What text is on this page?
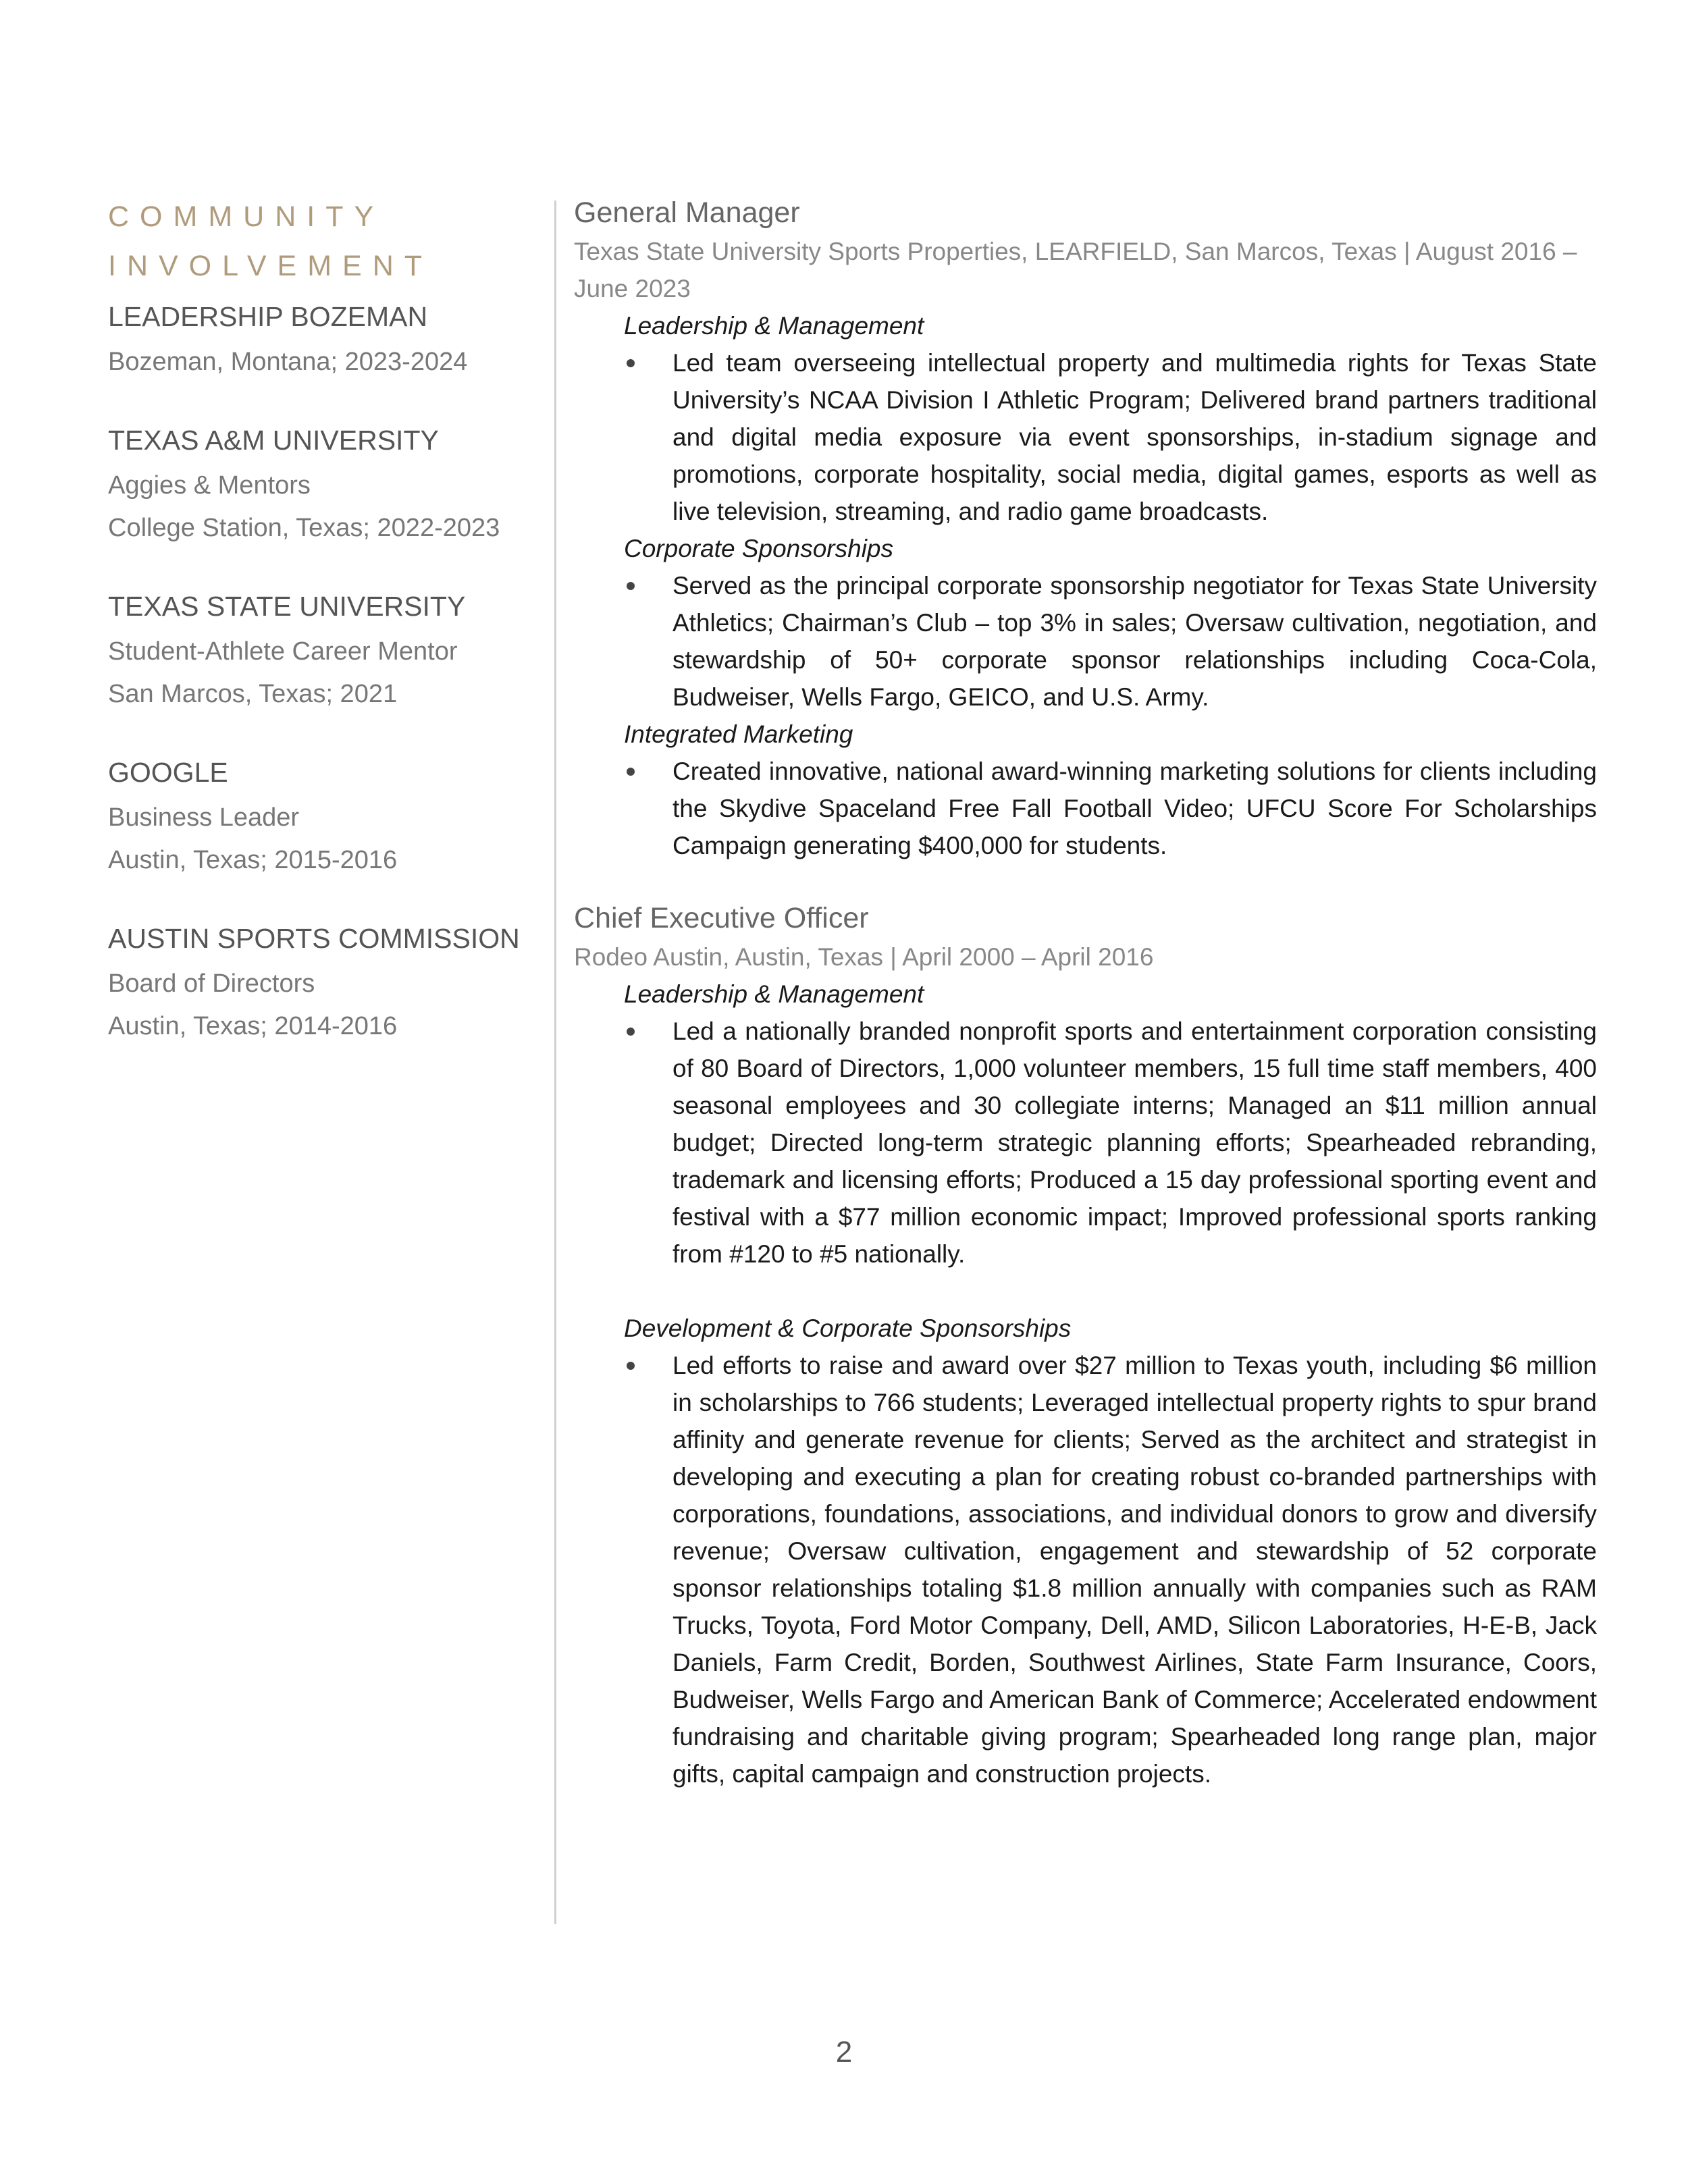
COMMUNITY
INVOLVEMENT
LEADERSHIP BOZEMAN
Bozeman, Montana; 2023-2024
TEXAS A&M UNIVERSITY
Aggies & Mentors
College Station, Texas; 2022-2023
TEXAS STATE UNIVERSITY
Student-Athlete Career Mentor
San Marcos, Texas; 2021
GOOGLE
Business Leader
Austin, Texas; 2015-2016
AUSTIN SPORTS COMMISSION
Board of Directors
Austin, Texas; 2014-2016
General Manager
Texas State University Sports Properties, LEARFIELD, San Marcos, Texas | August 2016 – June 2023
Leadership & Management
Led team overseeing intellectual property and multimedia rights for Texas State University’s NCAA Division I Athletic Program; Delivered brand partners traditional and digital media exposure via event sponsorships, in-stadium signage and promotions, corporate hospitality, social media, digital games, esports as well as live television, streaming, and radio game broadcasts.
Corporate Sponsorships
Served as the principal corporate sponsorship negotiator for Texas State University Athletics; Chairman’s Club – top 3% in sales; Oversaw cultivation, negotiation, and stewardship of 50+ corporate sponsor relationships including Coca-Cola, Budweiser, Wells Fargo, GEICO, and U.S. Army.
Integrated Marketing
Created innovative, national award-winning marketing solutions for clients including the Skydive Spaceland Free Fall Football Video; UFCU Score For Scholarships Campaign generating $400,000 for students.
Chief Executive Officer
Rodeo Austin, Austin, Texas | April 2000 – April 2016
Leadership & Management
Led a nationally branded nonprofit sports and entertainment corporation consisting of 80 Board of Directors, 1,000 volunteer members, 15 full time staff members, 400 seasonal employees and 30 collegiate interns; Managed an $11 million annual budget; Directed long-term strategic planning efforts; Spearheaded rebranding, trademark and licensing efforts; Produced a 15 day professional sporting event and festival with a $77 million economic impact; Improved professional sports ranking from #120 to #5 nationally.
Development & Corporate Sponsorships
Led efforts to raise and award over $27 million to Texas youth, including $6 million in scholarships to 766 students; Leveraged intellectual property rights to spur brand affinity and generate revenue for clients; Served as the architect and strategist in developing and executing a plan for creating robust co-branded partnerships with corporations, foundations, associations, and individual donors to grow and diversify revenue; Oversaw cultivation, engagement and stewardship of 52 corporate sponsor relationships totaling $1.8 million annually with companies such as RAM Trucks, Toyota, Ford Motor Company, Dell, AMD, Silicon Laboratories, H-E-B, Jack Daniels, Farm Credit, Borden, Southwest Airlines, State Farm Insurance, Coors, Budweiser, Wells Fargo and American Bank of Commerce; Accelerated endowment fundraising and charitable giving program; Spearheaded long range plan, major gifts, capital campaign and construction projects.
2
